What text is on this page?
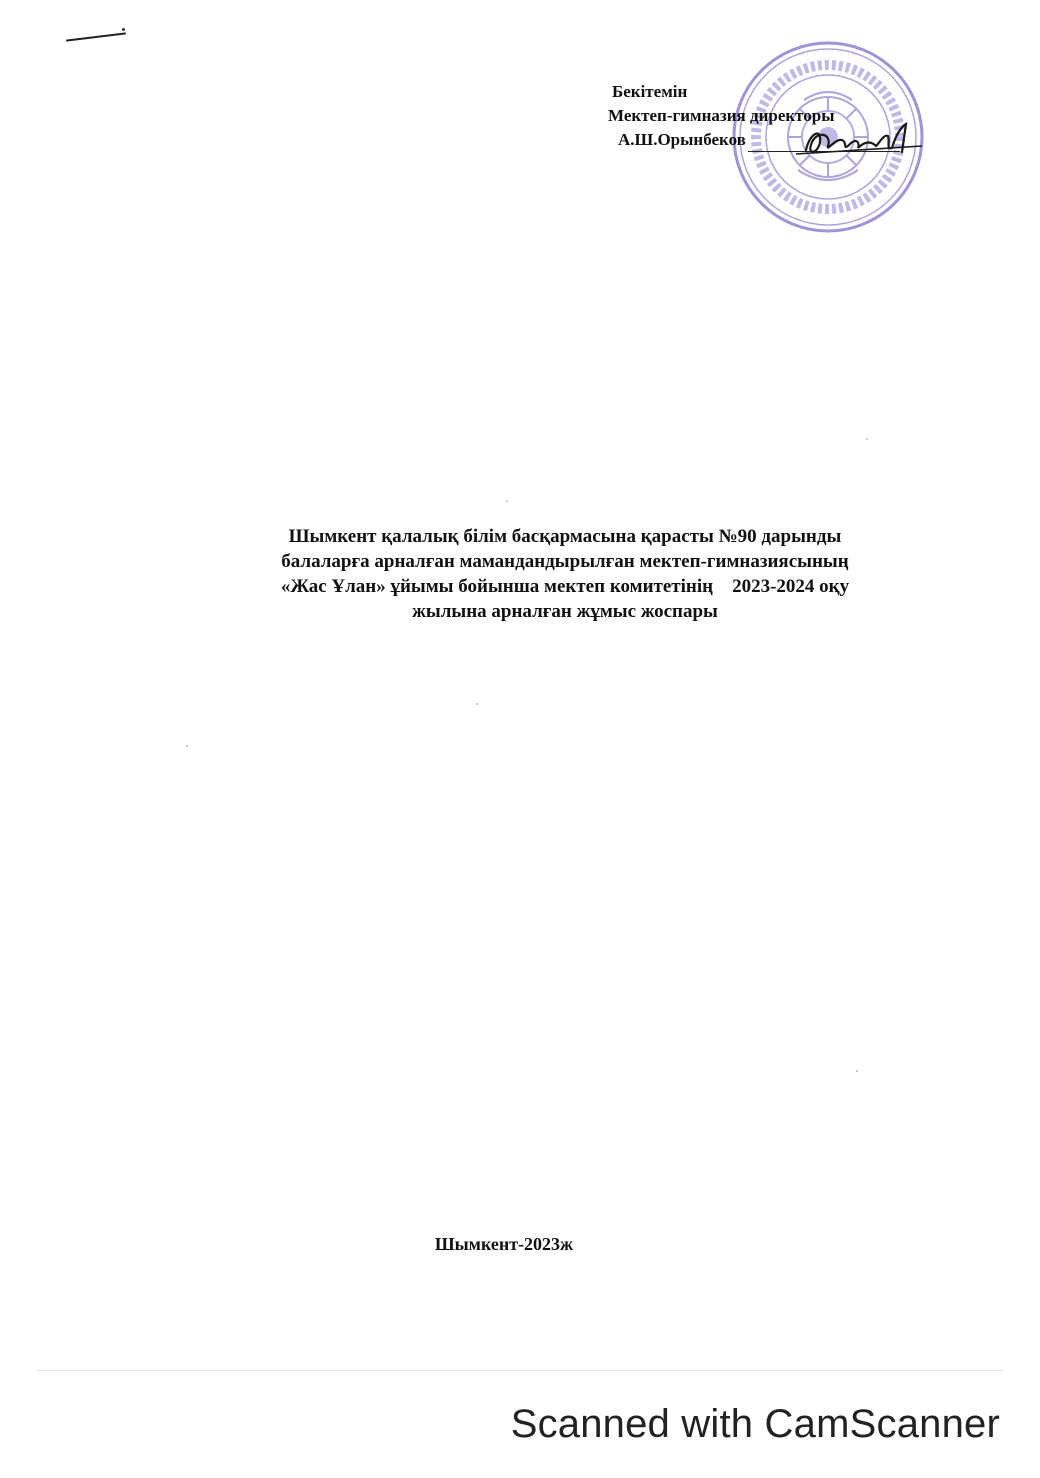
Бекітемін
Мектеп-гимназия директоры
А.Ш.Орынбеков
Шымкент қалалық білім басқармасына қарасты №90 дарынды
балаларға арналған мамандандырылған мектеп-гимназиясының
«Жас Ұлан» ұйымы бойынша мектеп комитетінің    2023-2024 оқу
жылына арналған жұмыс жоспары
Шымкент-2023ж
Scanned with CamScanner
